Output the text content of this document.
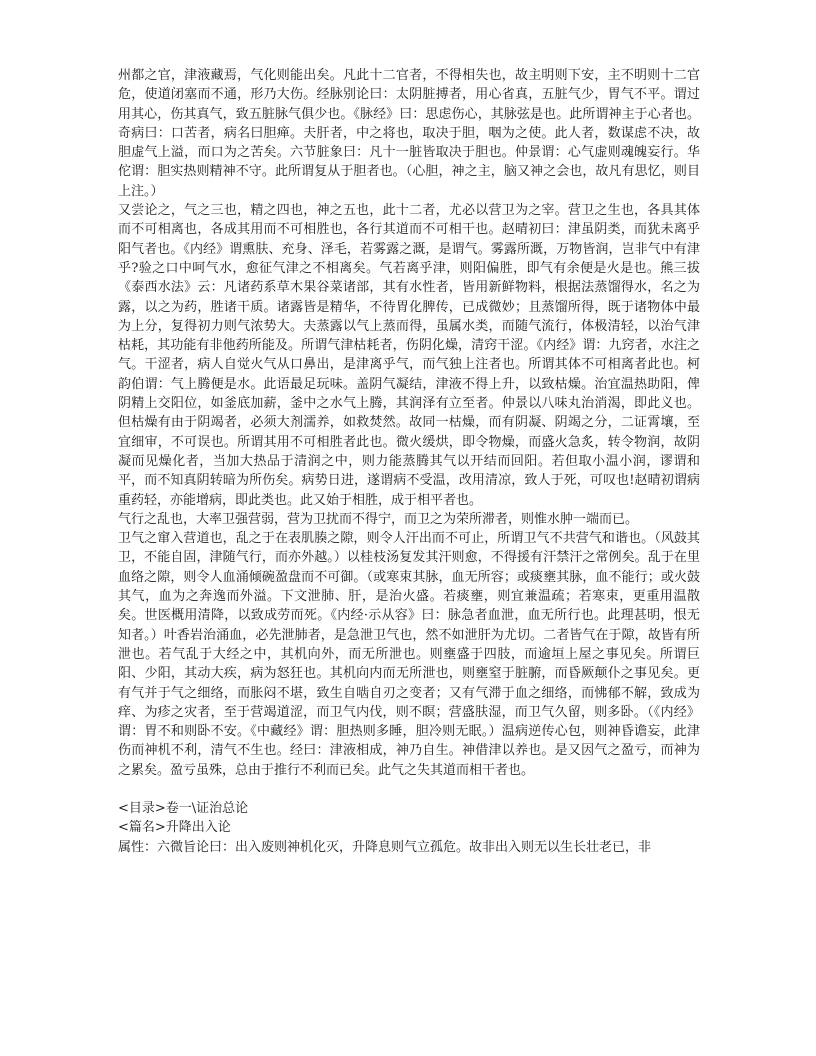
州都之官，津液藏焉，气化则能出矣。凡此十二官者，不得相失也，故主明则下安，主不明则十二官危，使道闭塞而不通，形乃大伤。经脉别论曰：太阴脏搏者，用心省真，五脏气少，胃气不平。谓过用其心，伤其真气，致五脏脉气俱少也。《脉经》曰：思虑伤心，其脉弦是也。此所谓神主于心者也。奇病曰：口苦者，病名曰胆瘅。夫肝者，中之将也，取决于胆，咽为之使。此人者，数谋虑不决，故胆虚气上溢，而口为之苦矣。六节脏象曰：凡十一脏皆取决于胆也。仲景谓：心气虚则魂魄妄行。华佗谓：胆实热则精神不守。此所谓复从于胆者也。（心胆，神之主，脑又神之会也，故凡有思忆，则目上注。）

又尝论之，气之三也，精之四也，神之五也，此十二者，尤必以营卫为之宰。营卫之生也，各具其体而不可相离也，各成其用而不可相胜也，各行其道而不可相干也。赵晴初曰：津虽阴类，而犹未离乎阳气者也。《内经》谓熏肤、充身、泽毛，若雾露之溉，是谓气。雾露所溉，万物皆润，岂非气中有津乎?验之口中呵气水，愈征气津之不相离矣。气若离乎津，则阳偏胜，即气有余便是火是也。熊三拔《泰西水法》云：凡诸药系草木果谷菜诸部，其有水性者，皆用新鲜物料，根据法蒸馏得水，名之为露，以之为药，胜诸干质。诸露皆是精华，不待胃化脾传，已成微妙；且蒸馏所得，既于诸物体中最为上分，复得初力则气浓势大。夫蒸露以气上蒸而得，虽属水类，而随气流行，体极清轻，以治气津枯耗，其功能有非他药所能及。所谓气津枯耗者，伤阴化燥，清窍干涩。《内经》谓：九窍者，水注之气。干涩者，病人自觉火气从口鼻出，是津离乎气，而气独上注者也。所谓其体不可相离者此也。柯韵伯谓：气上腾便是水。此语最足玩味。盖阴气凝结，津液不得上升，以致枯燥。治宜温热助阳，俾阴精上交阳位，如釜底加薪，釜中之水气上腾，其润泽有立至者。仲景以八味丸治消渴，即此义也。但枯燥有由于阴竭者，必须大剂濡养，如救焚然。故同一枯燥，而有阴凝、阴竭之分，二证霄壤，至宜细审，不可误也。所谓其用不可相胜者此也。微火缓烘，即令物燥，而盛火急炙，转令物润，故阴凝而见燥化者，当加大热品于清润之中，则力能蒸腾其气以开结而回阳。若但取小温小润，谬谓和平，而不知真阴转暗为所伤矣。病势日进，遂谓病不受温，改用清凉，致人于死，可叹也!赵晴初谓病重药轻，亦能增病，即此类也。此又始于相胜，成于相平者也。

气行之乱也，大率卫强营弱，营为卫扰而不得宁，而卫之为荣所滞者，则惟水肿一端而已。

卫气之窜入营道也，乱之于在表肌腠之隙，则令人汗出而不可止，所谓卫气不共营气和谐也。（风鼓其卫，不能自固，津随气行，而亦外越。）以桂枝汤复发其汗则愈，不得援有汗禁汗之常例矣。乱于在里血络之隙，则令人血涌倾碗盈盘而不可御。（或寒束其脉，血无所容；或痰壅其脉，血不能行；或火鼓其气，血为之奔逸而外溢。下文泄肺、肝，是治火盛。若痰壅，则宜兼温疏；若寒束，更重用温散矣。世医概用清降，以致成劳而死。《内经·示从容》曰：脉急者血泄，血无所行也。此理甚明，恨无知者。）叶香岩治涌血，必先泄肺者，是急泄卫气也，然不如泄肝为尤切。二者皆气在于隙，故皆有所泄也。若气乱于大经之中，其机向外，而无所泄也。则壅盛于四肢，而逾垣上屋之事见矣。所谓巨阳、少阳，其动大疾，病为怒狂也。其机向内而无所泄也，则壅窒于脏腑，而昏厥颠仆之事见矣。更有气并于气之细络，而胀闷不堪，致生自啮自刃之变者；又有气滞于血之细络，而怫郁不解，致成为痒、为疹之灾者，至于营竭道涩，而卫气内伐，则不瞑；营盛肤湿，而卫气久留，则多卧。（《内经》谓：胃不和则卧不安。《中藏经》谓：胆热则多睡，胆冷则无眠。）温病逆传心包，则神昏谵妄，此津伤而神机不利，清气不生也。经曰：津液相成，神乃自生。神借津以养也。是又因气之盈亏，而神为之累矣。盈亏虽殊，总由于推行不利而已矣。此气之失其道而相干者也。

<目录>卷一\证治总论

<篇名>升降出入论

属性：六微旨论曰：出入废则神机化灭，升降息则气立孤危。故非出入则无以生长壮老已，非
